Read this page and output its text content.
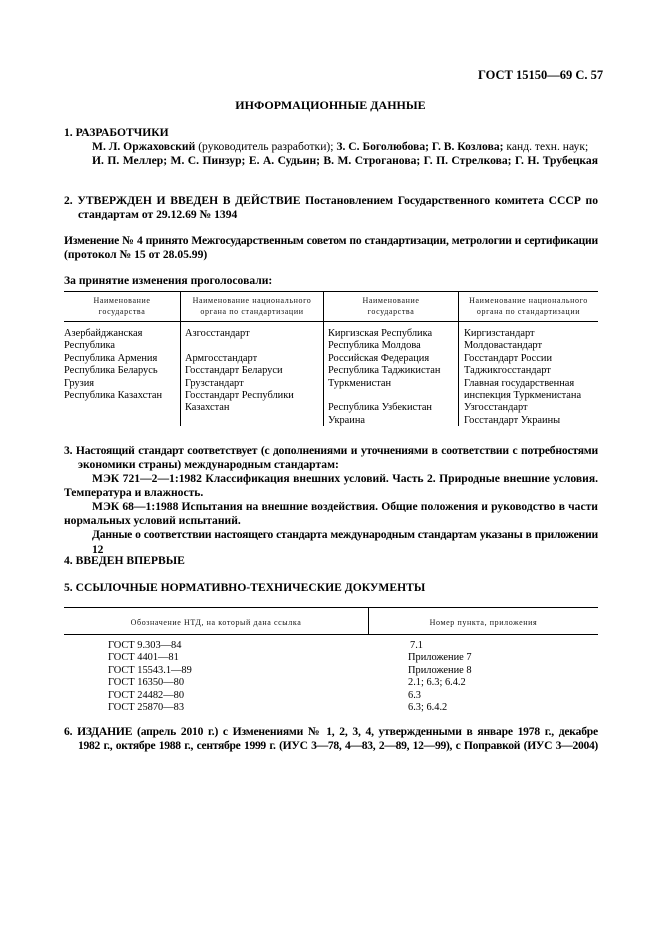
ГОСТ 15150—69 С. 57
ИНФОРМАЦИОННЫЕ ДАННЫЕ
1. РАЗРАБОТЧИКИ
М. Л. Оржаховский (руководитель разработки); З. С. Боголюбова; Г. В. Козлова; канд. техн. наук;
И. П. Меллер; М. С. Пинзур; Е. А. Судьин; В. М. Строганова; Г. П. Стрелкова; Г. Н. Трубецкая
2. УТВЕРЖДЕН И ВВЕДЕН В ДЕЙСТВИЕ Постановлением Государственного комитета СССР по
стандартам от 29.12.69 № 1394
Изменение № 4 принято Межгосударственным советом по стандартизации, метрологии и сертификации
(протокол № 15 от 28.05.99)
За принятие изменения проголосовали:
Наименование
государства
Наименование национального
органа по стандартизации
Наименование
государства
Наименование национального
органа по стандартизации
Азербайджанская
Республика
Республика Армения
Республика Беларусь
Грузия
Республика Казахстан
Азгосстандарт

Армгосстандарт
Госстандарт Беларуси
Грузстандарт
Госстандарт Республики
Казахстан
Киргизская Республика
Республика Молдова
Российская Федерация
Республика Таджикистан
Туркменистан

Республика Узбекистан
Украина
Киргизстандарт
Молдовастандарт
Госстандарт России
Таджикгосстандарт
Главная государственная
инспекция Туркменистана
Узгосстандарт
Госстандарт Украины
3. Настоящий стандарт соответствует (с дополнениями и уточнениями в соответствии с потребностями
экономики страны) международным стандартам:
МЭК 721—2—1:1982 Классификация внешних условий. Часть 2. Природные внешние условия.
Температура и влажность.
МЭК 68—1:1988 Испытания на внешние воздействия. Общие положения и руководство в части
нормальных условий испытаний.
Данные о соответствии настоящего стандарта международным стандартам указаны в приложении 12
4. ВВЕДЕН ВПЕРВЫЕ
5. ССЫЛОЧНЫЕ НОРМАТИВНО-ТЕХНИЧЕСКИЕ ДОКУМЕНТЫ
Обозначение НТД, на который дана ссылка	Номер пункта, приложения
ГОСТ 9.303—84
ГОСТ 4401—81
ГОСТ 15543.1—89
ГОСТ 16350—80
ГОСТ 24482—80
ГОСТ 25870—83
7.1
Приложение 7
Приложение 8
2.1; 6.3; 6.4.2
6.3
6.3; 6.4.2
6. ИЗДАНИЕ (апрель 2010 г.) с Изменениями № 1, 2, 3, 4, утвержденными в январе 1978 г., декабре
1982 г., октябре 1988 г., сентябре 1999 г. (ИУС 3—78, 4—83, 2—89, 12—99), с Поправкой (ИУС 3—2004)
